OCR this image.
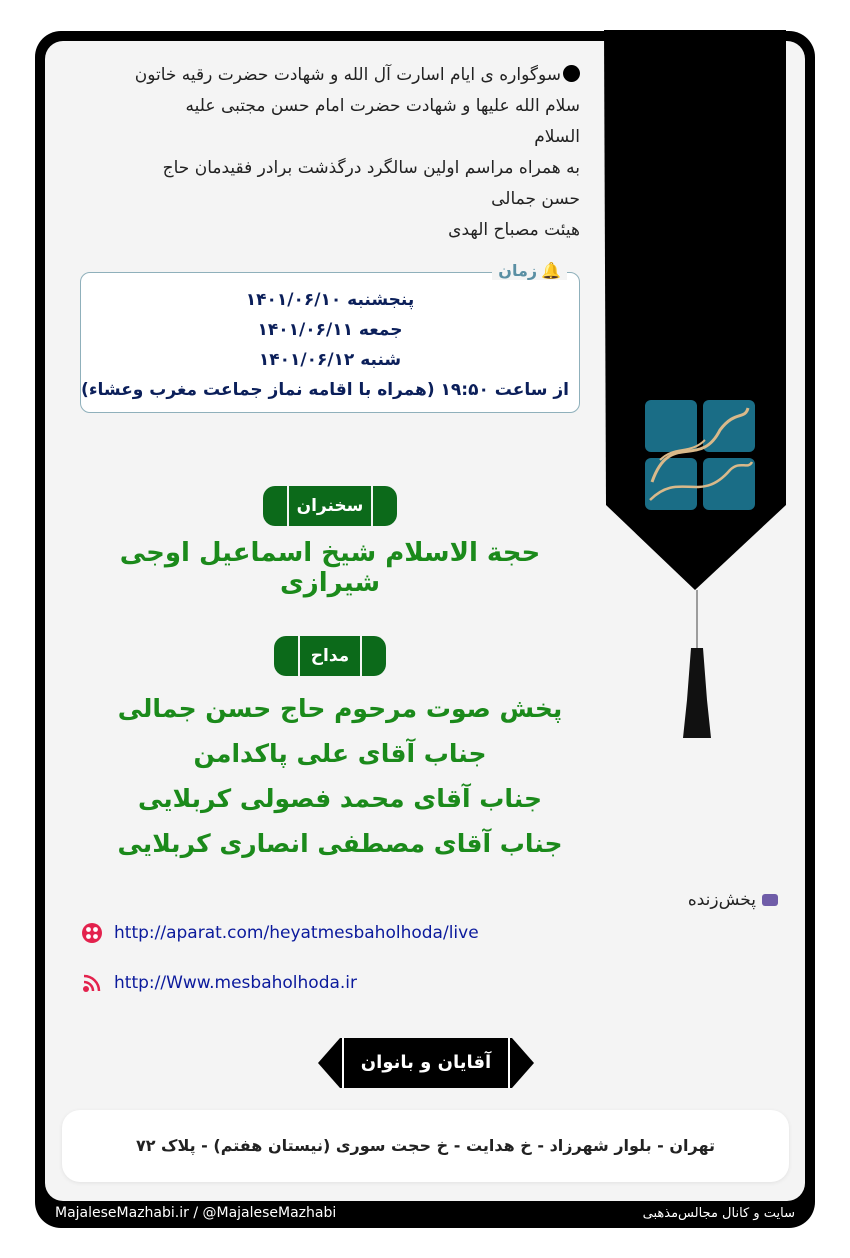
سوگواره ی ایام اسارت آل الله و شهادت حضرت رقیه خاتون
سلام الله علیها و شهادت حضرت امام حسن مجتبی علیه
السلام
به همراه مراسم اولین سالگرد درگذشت برادر فقیدمان حاج
حسن جمالی
هیئت مصباح الهدی
🔔زمان
پنجشنبه ۱۴۰۱/۰۶/۱۰
جمعه ۱۴۰۱/۰۶/۱۱
شنبه ۱۴۰۱/۰۶/۱۲
از ساعت ۱۹:۵۰ (همراه با اقامه نماز جماعت مغرب وعشاء)
سخنران
حجة الاسلام شیخ اسماعیل اوجی شیرازی
مداح
پخش صوت مرحوم حاج حسن جمالی
جناب آقای علی پاکدامن
جناب آقای محمد فصولی کربلایی
جناب آقای مصطفی انصاری کربلایی
پخش‌زنده
http://aparat.com/heyatmesbaholhoda/live
http://Www.mesbaholhoda.ir
آقایان و بانوان
تهران - بلوار شهرزاد - خ هدایت - خ حجت سوری (نیستان هفتم) - پلاک ۷۲
MajaleseMazhabi.ir / @MajaleseMazhabi	سایت و کانال مجالس‌مذهبی
